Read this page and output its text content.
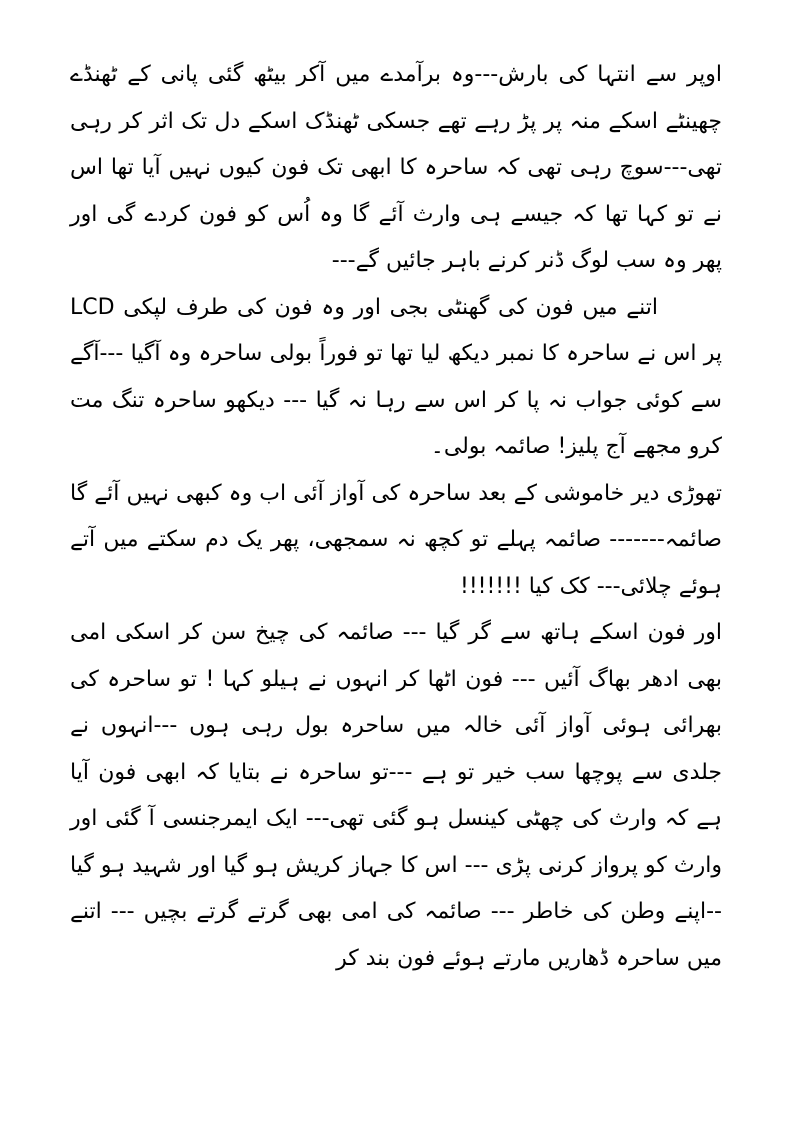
اوپر سے انتہا کی بارش---وہ برآمدے میں آکر بیٹھ گئی پانی کے ٹھنڈے چھینٹے اسکے منہ پر پڑ رہے تھے جسکی ٹھنڈک اسکے دل تک اثر کر رہی تھی---سوچ رہی تھی کہ ساحرہ کا ابھی تک فون کیوں نہیں آیا تھا اس نے تو کہا تھا کہ جیسے ہی وارث آئے گا وہ اُس کو فون کردے گی اور پھر وہ سب لوگ ڈنر کرنے باہر جائیں گے---

اتنے میں فون کی گھنٹی بجی اور وہ فون کی طرف لپکی LCD پر اس نے ساحرہ کا نمبر دیکھ لیا تھا تو فوراً بولی ساحرہ وہ آگیا ---آگے سے کوئی جواب نہ پا کر اس سے رہا نہ گیا --- دیکھو ساحرہ تنگ مت کرو مجھے آج پلیز! صائمہ بولی۔

تھوڑی دیر خاموشی کے بعد ساحرہ کی آواز آئی اب وہ کبھی نہیں آئے گا صائمہ------- صائمہ پہلے تو کچھ نہ سمجھی، پھر یک دم سکتے میں آتے ہوئے چلائی--- کک کیا !!!!!!!

اور فون اسکے ہاتھ سے گر گیا --- صائمہ کی چیخ سن کر اسکی امی بھی ادھر بھاگ آئیں --- فون اٹھا کر انہوں نے ہیلو کہا ! تو ساحرہ کی بھرائی ہوئی آواز آئی خالہ میں ساحرہ بول رہی ہوں ---انہوں نے جلدی سے پوچھا سب خیر تو ہے ---تو ساحرہ نے بتایا کہ ابھی فون آیا ہے کہ وارث کی چھٹی کینسل ہو گئی تھی--- ایک ایمرجنسی آ گئی اور وارث کو پرواز کرنی پڑی --- اس کا جہاز کریش ہو گیا اور شہید ہو گیا --اپنے وطن کی خاطر --- صائمہ کی امی بھی گرتے گرتے بچیں --- اتنے میں ساحرہ ڈھاریں مارتے ہوئے فون بند کر
